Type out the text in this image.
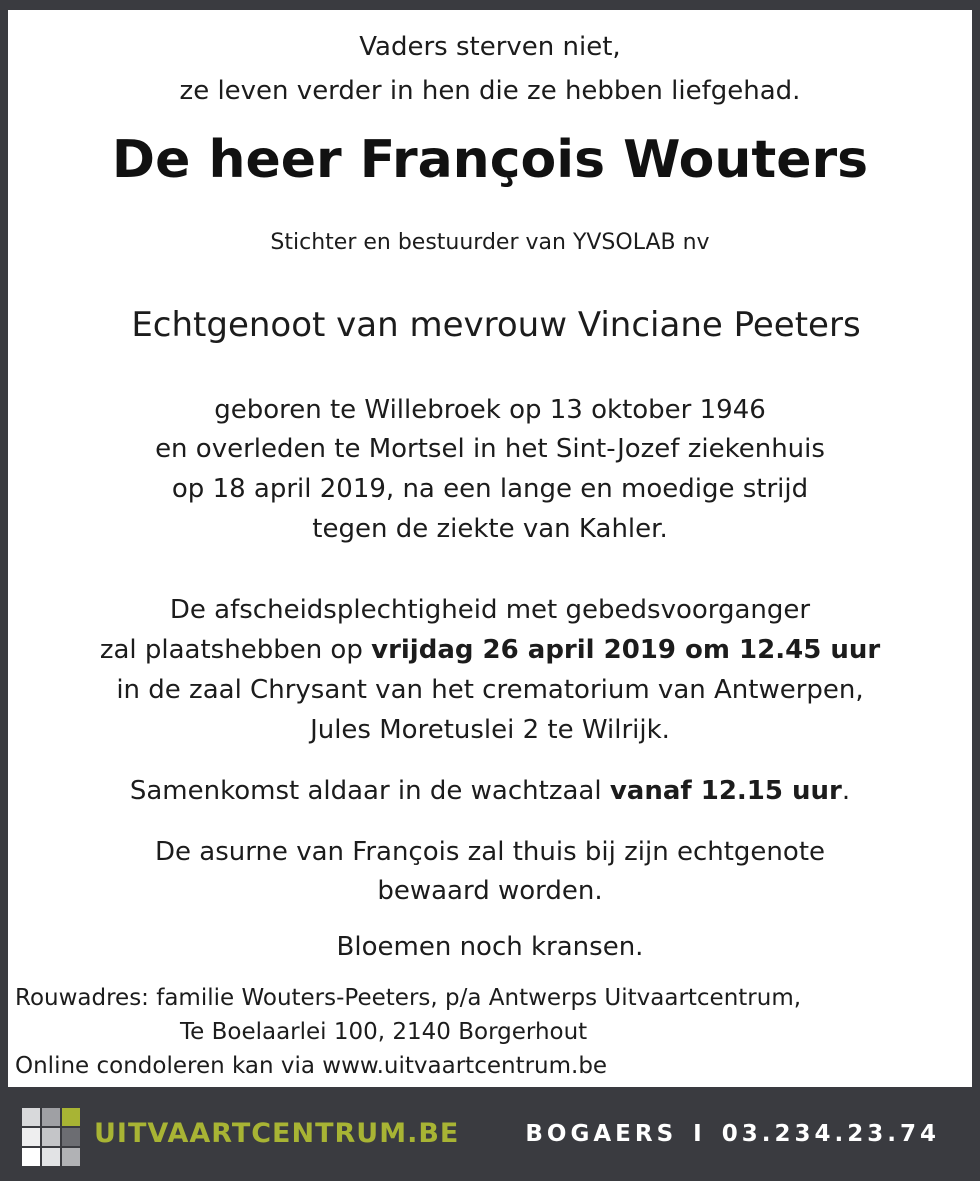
Vaders sterven niet,
ze leven verder in hen die ze hebben liefgehad.
De heer François Wouters
Stichter en bestuurder van YVSOLAB nv
Echtgenoot van mevrouw Vinciane Peeters
geboren te Willebroek op 13 oktober 1946
en overleden te Mortsel in het Sint-Jozef ziekenhuis
op 18 april 2019, na een lange en moedige strijd
tegen de ziekte van Kahler.
De afscheidsplechtigheid met gebedsvoorganger
zal plaatshebben op vrijdag 26 april 2019 om 12.45 uur
in de zaal Chrysant van het crematorium van Antwerpen,
Jules Moretuslei 2 te Wilrijk.
Samenkomst aldaar in de wachtzaal vanaf 12.15 uur.
De asurne van François zal thuis bij zijn echtgenote
bewaard worden.
Bloemen noch kransen.
Rouwadres: familie Wouters-Peeters, p/a Antwerps Uitvaartcentrum,
Te Boelaarlei 100, 2140 Borgerhout
Online condoleren kan via www.uitvaartcentrum.be
UITVAARTCENTRUM.BE	BOGAERS I 03.234.23.74
